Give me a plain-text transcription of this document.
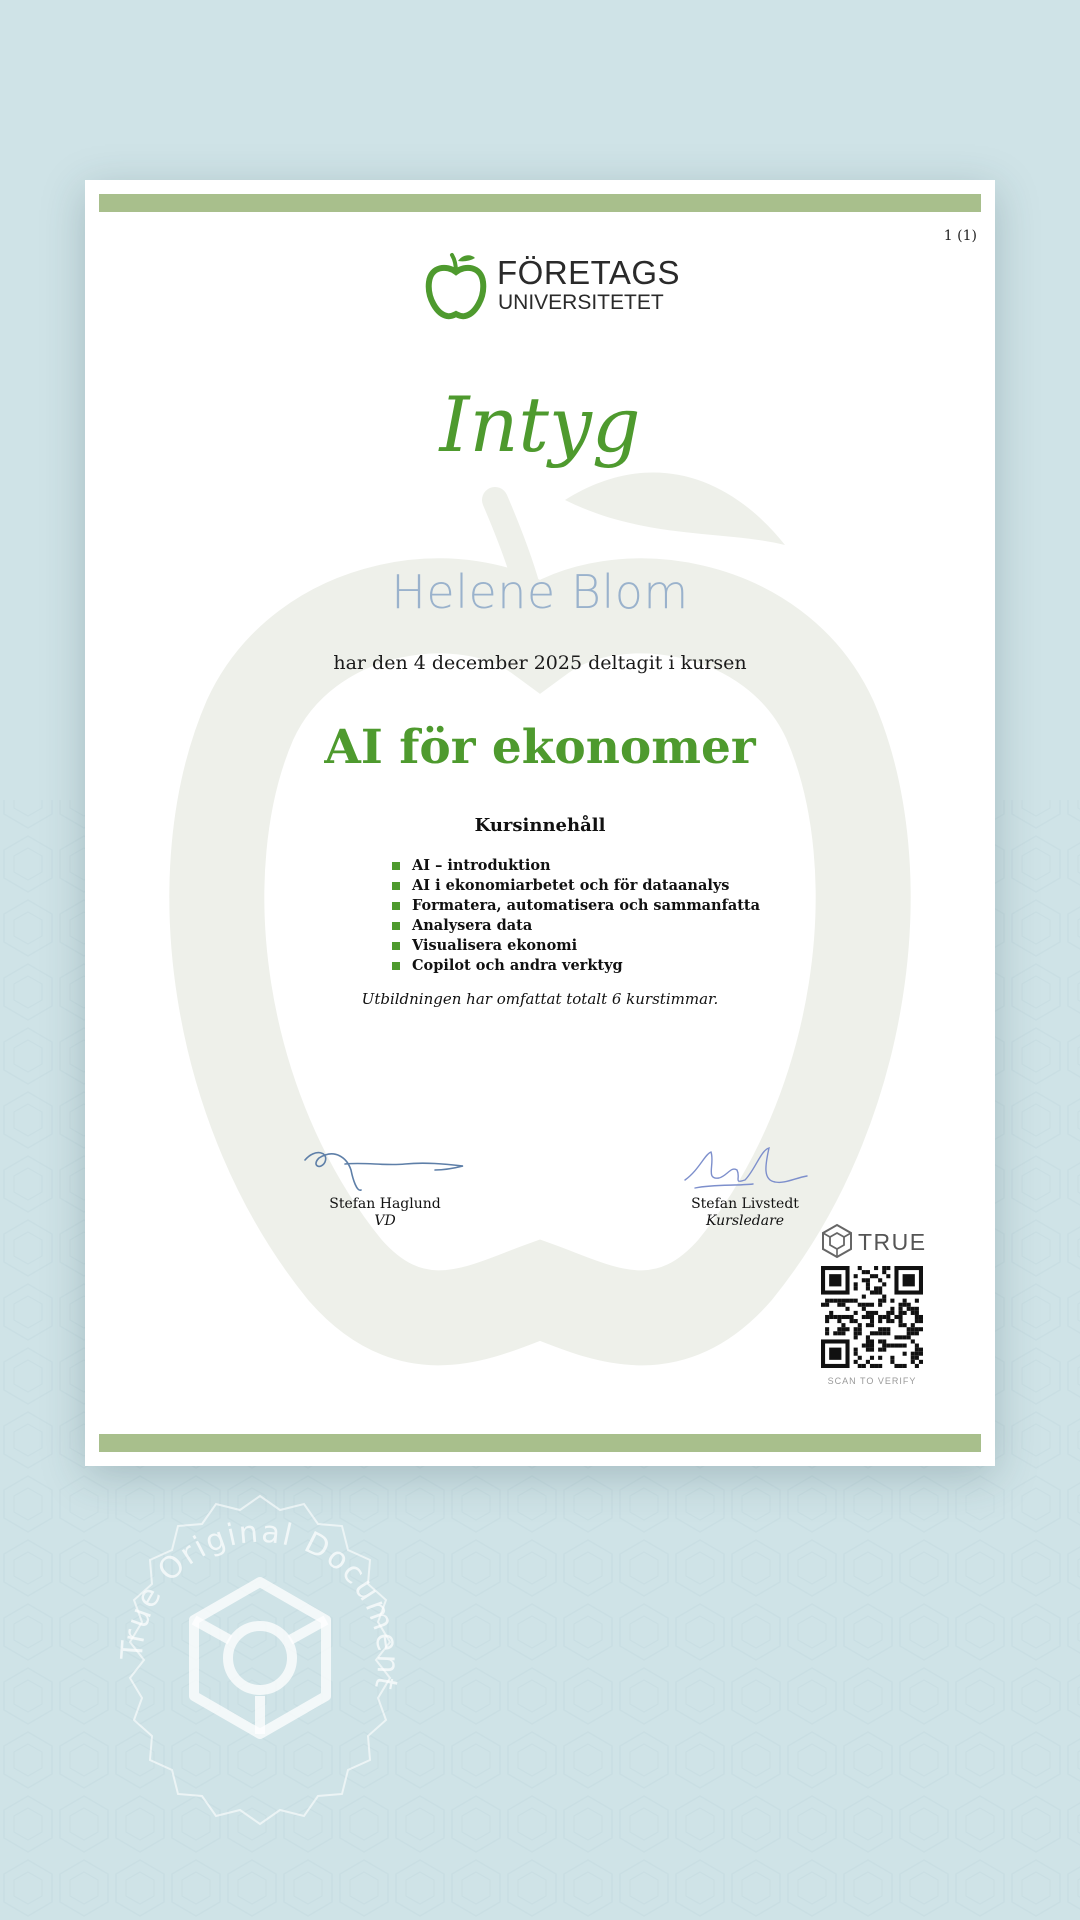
1 (1)
FÖRETAGS
UNIVERSITETET
Intyg
Helene Blom
har den 4 december 2025 deltagit i kursen
AI för ekonomer
Kursinnehåll
AI – introduktion
AI i ekonomiarbetet och för dataanalys
Formatera, automatisera och sammanfatta
Analysera data
Visualisera ekonomi
Copilot och andra verktyg
Utbildningen har omfattat totalt 6 kurstimmar.
Stefan Haglund
VD
Stefan Livstedt
Kursledare
TRUE
SCAN TO VERIFY
True Original Document
